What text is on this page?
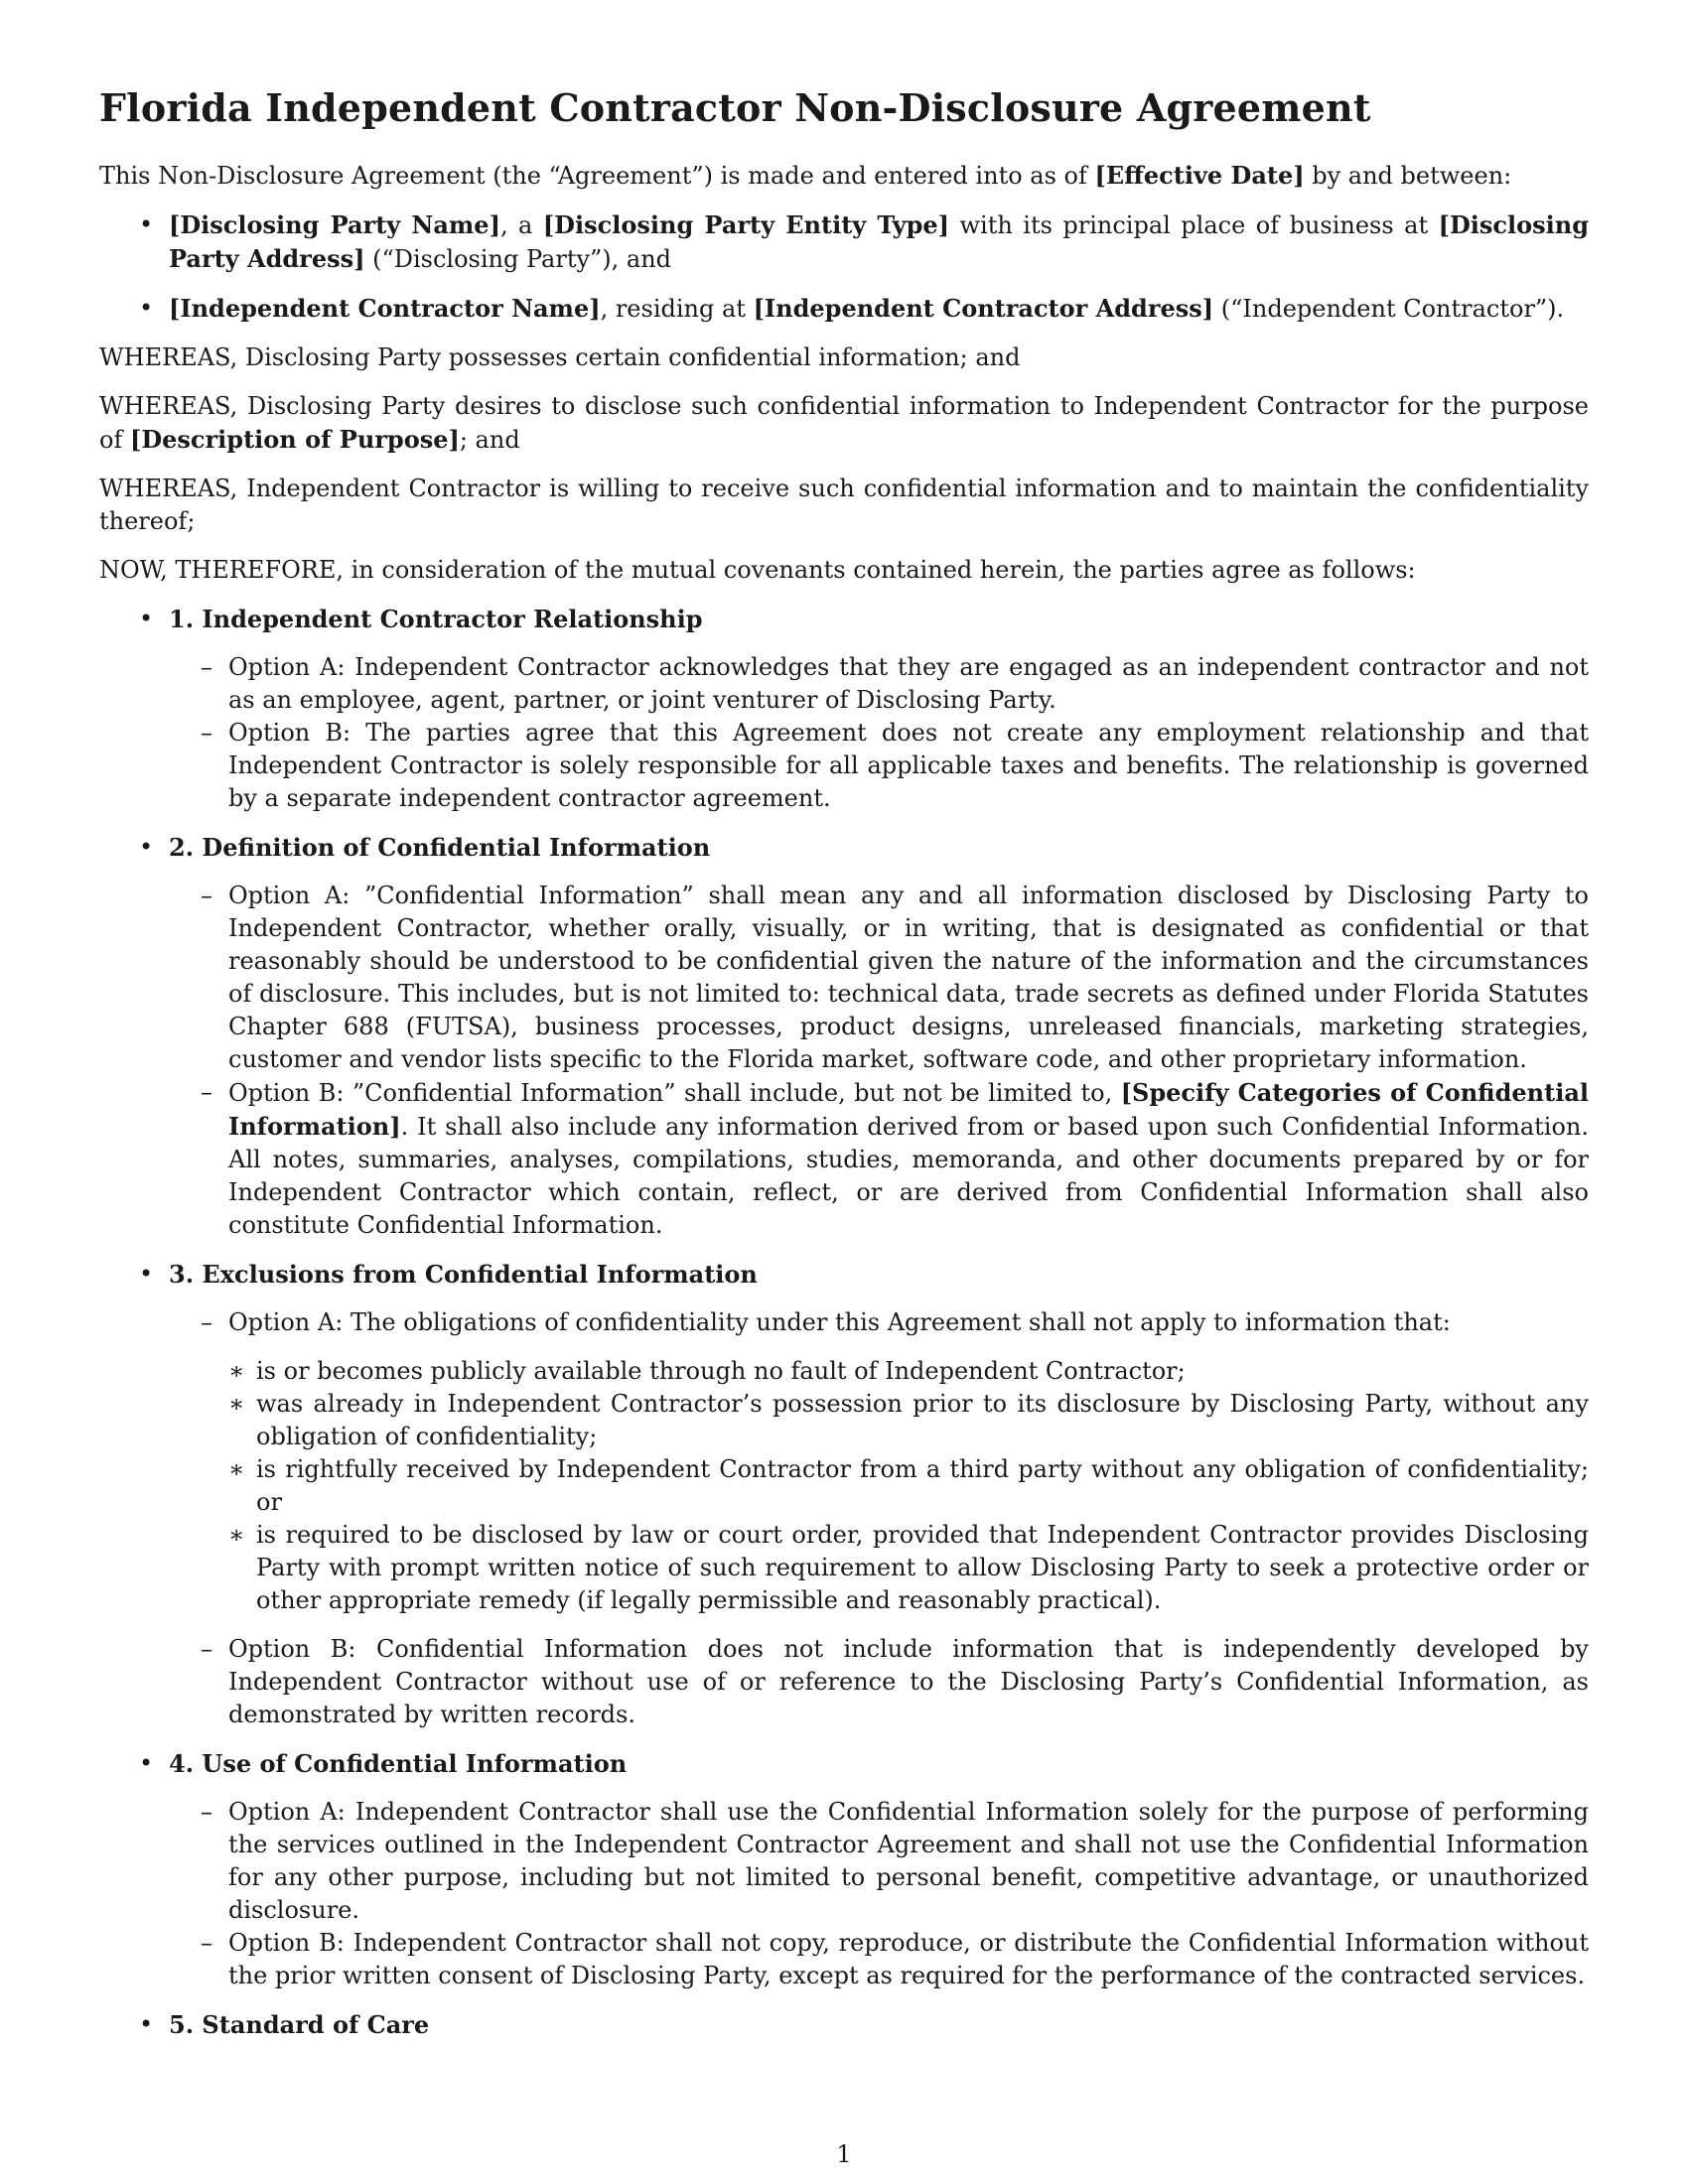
Florida Independent Contractor Non-Disclosure Agreement

This Non-Disclosure Agreement (the “Agreement”) is made and entered into as of [Effective Date] by and between:

• [Disclosing Party Name], a [Disclosing Party Entity Type] with its principal place of business at [Disclosing Party Address] (“Disclosing Party”), and
• [Independent Contractor Name], residing at [Independent Contractor Address] (“Independent Contractor”).

WHEREAS, Disclosing Party possesses certain confidential information; and

WHEREAS, Disclosing Party desires to disclose such confidential information to Independent Contractor for the purpose of [Description of Purpose]; and

WHEREAS, Independent Contractor is willing to receive such confidential information and to maintain the confidentiality thereof;

NOW, THEREFORE, in consideration of the mutual covenants contained herein, the parties agree as follows:

• 1. Independent Contractor Relationship
– Option A: Independent Contractor acknowledges that they are engaged as an independent contractor and not as an employee, agent, partner, or joint venturer of Disclosing Party.
– Option B: The parties agree that this Agreement does not create any employment relationship and that Independent Contractor is solely responsible for all applicable taxes and benefits. The relationship is governed by a separate independent contractor agreement.
• 2. Definition of Confidential Information
– Option A: ”Confidential Information” shall mean any and all information disclosed by Disclosing Party to Independent Contractor, whether orally, visually, or in writing, that is designated as confidential or that reasonably should be understood to be confidential given the nature of the information and the circumstances of disclosure. This includes, but is not limited to: technical data, trade secrets as defined under Florida Statutes Chapter 688 (FUTSA), business processes, product designs, unreleased financials, marketing strategies, customer and vendor lists specific to the Florida market, software code, and other proprietary information.
– Option B: ”Confidential Information” shall include, but not be limited to, [Specify Categories of Confidential Information]. It shall also include any information derived from or based upon such Confidential Information. All notes, summaries, analyses, compilations, studies, memoranda, and other documents prepared by or for Independent Contractor which contain, reflect, or are derived from Confidential Information shall also constitute Confidential Information.
• 3. Exclusions from Confidential Information
– Option A: The obligations of confidentiality under this Agreement shall not apply to information that:
∗ is or becomes publicly available through no fault of Independent Contractor;
∗ was already in Independent Contractor’s possession prior to its disclosure by Disclosing Party, without any obligation of confidentiality;
∗ is rightfully received by Independent Contractor from a third party without any obligation of confidentiality; or
∗ is required to be disclosed by law or court order, provided that Independent Contractor provides Disclosing Party with prompt written notice of such requirement to allow Disclosing Party to seek a protective order or other appropriate remedy (if legally permissible and reasonably practical).
– Option B: Confidential Information does not include information that is independently developed by Independent Contractor without use of or reference to the Disclosing Party’s Confidential Information, as demonstrated by written records.
• 4. Use of Confidential Information
– Option A: Independent Contractor shall use the Confidential Information solely for the purpose of performing the services outlined in the Independent Contractor Agreement and shall not use the Confidential Information for any other purpose, including but not limited to personal benefit, competitive advantage, or unauthorized disclosure.
– Option B: Independent Contractor shall not copy, reproduce, or distribute the Confidential Information without the prior written consent of Disclosing Party, except as required for the performance of the contracted services.
• 5. Standard of Care
1
